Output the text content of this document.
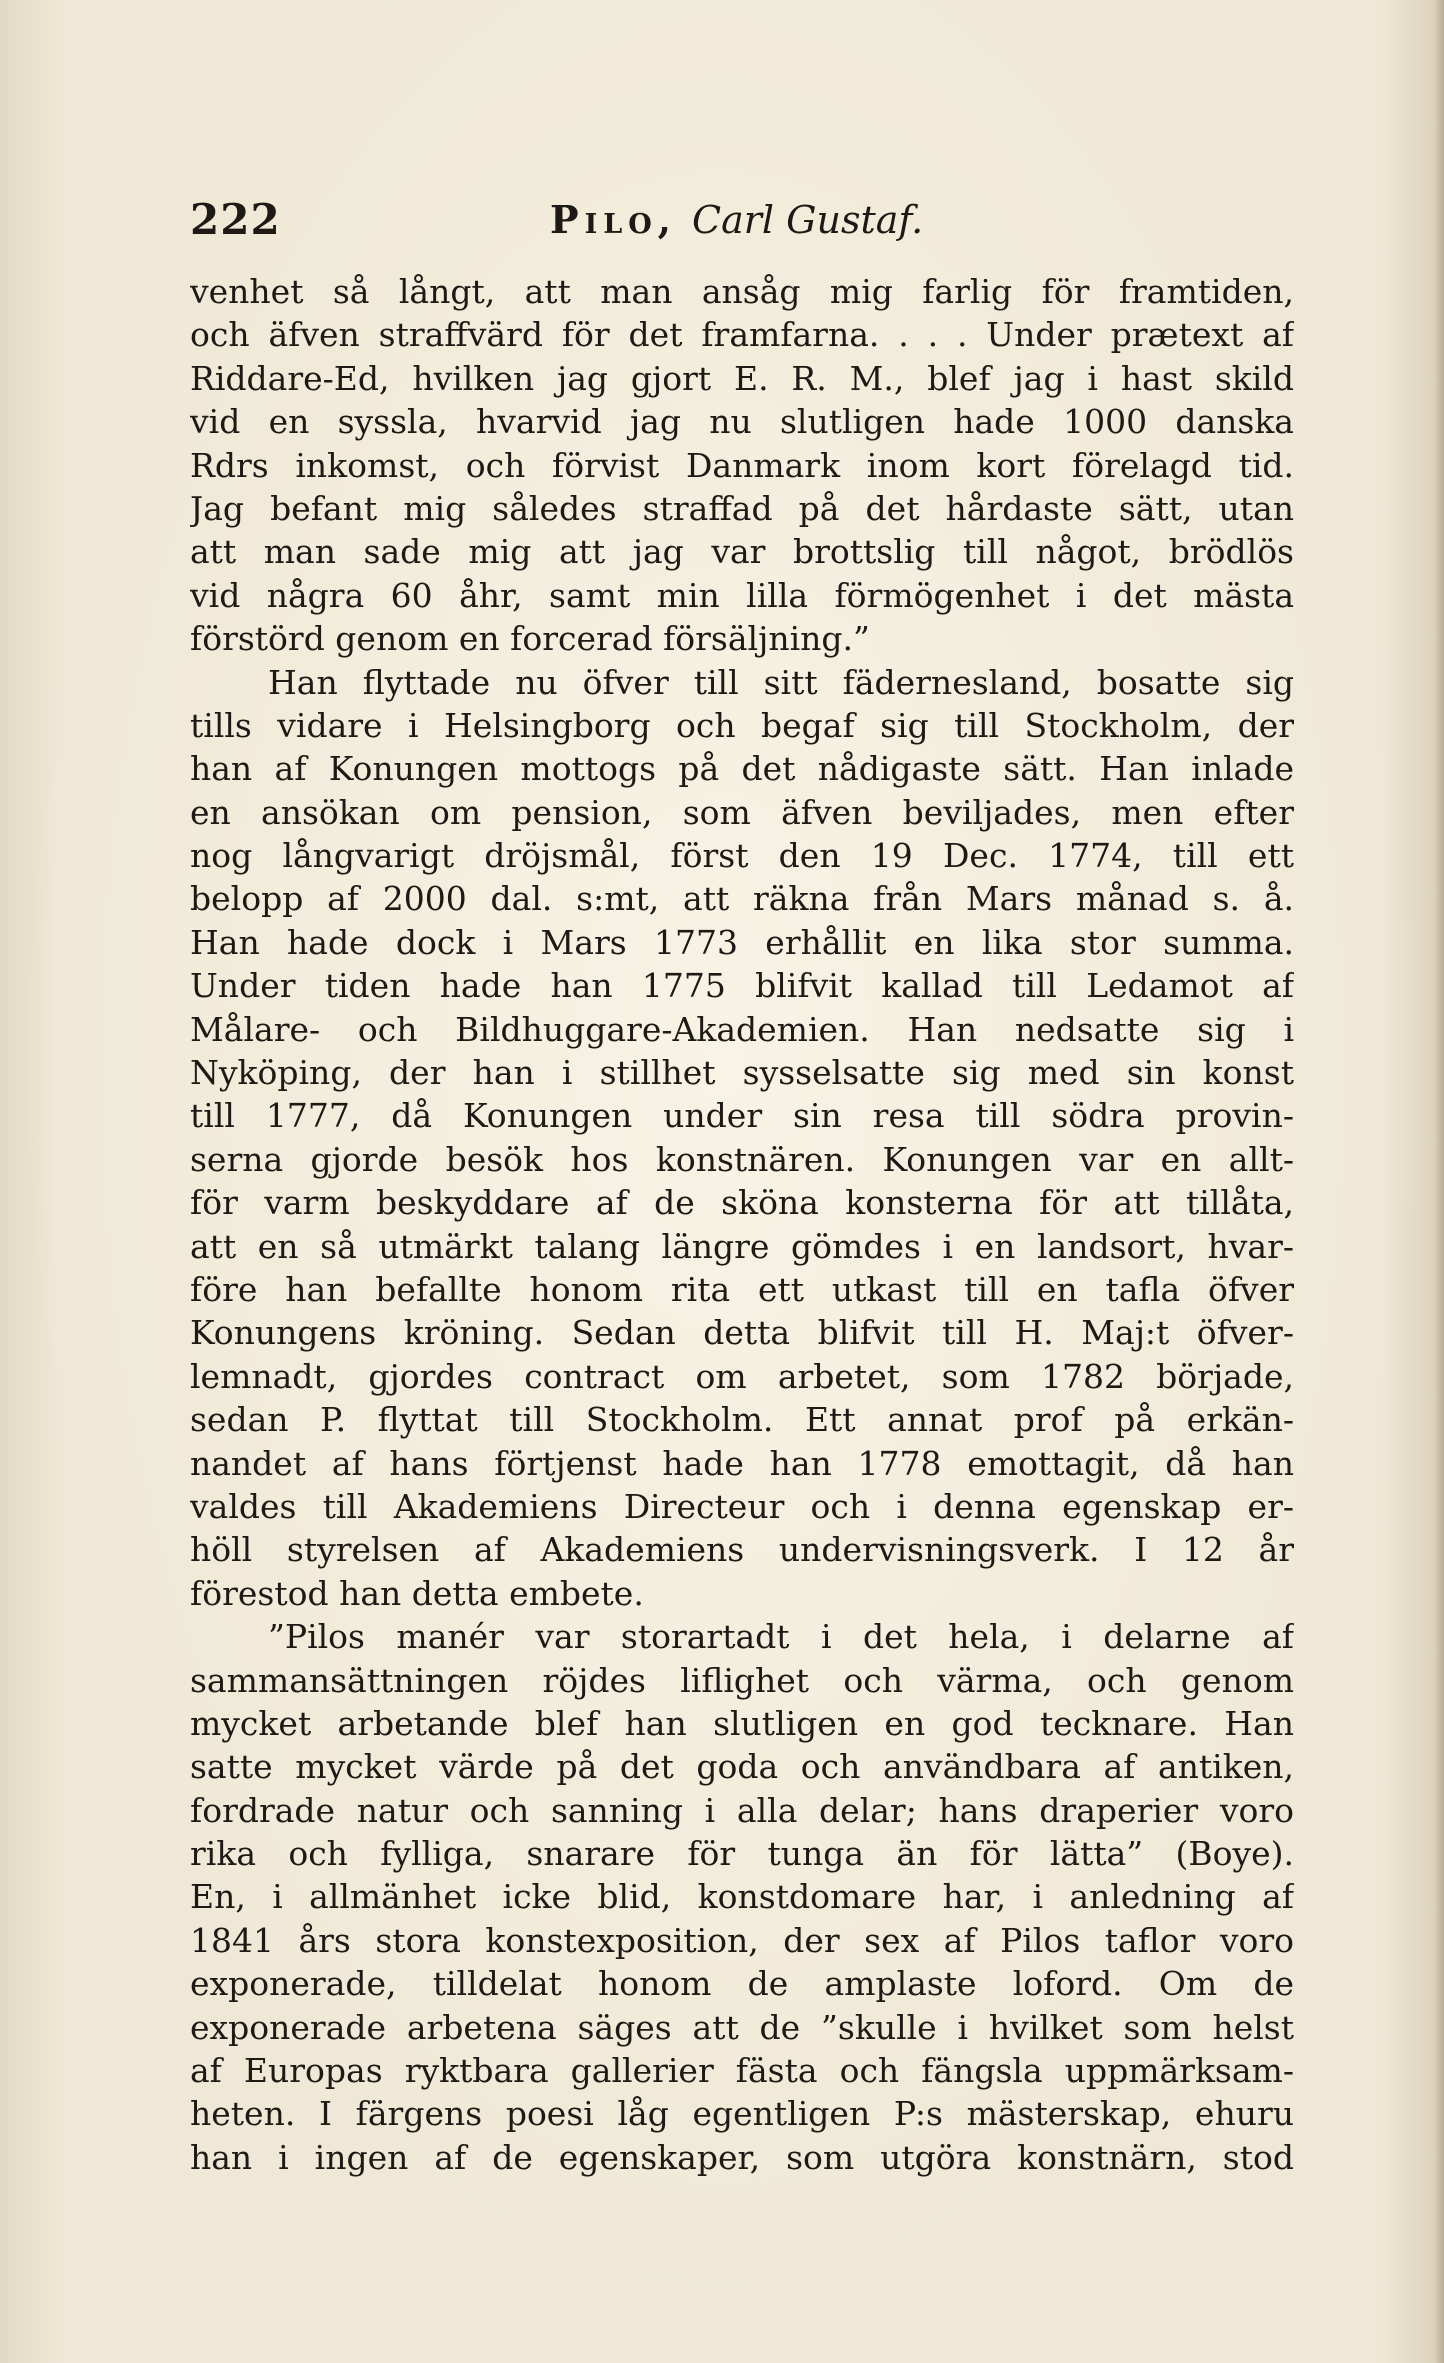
222	Pilo, Carl Gustaf.
venhet så långt, att man ansåg mig farlig för framtiden,
och äfven straffvärd för det framfarna. . . . Under prætext af
Riddare-Ed, hvilken jag gjort E. R. M., blef jag i hast skild
vid en syssla, hvarvid jag nu slutligen hade 1000 danska
Rdrs inkomst, och förvist Danmark inom kort förelagd tid.
Jag befant mig således straffad på det hårdaste sätt, utan
att man sade mig att jag var brottslig till något, brödlös
vid några 60 åhr, samt min lilla förmögenhet i det mästa
förstörd genom en forcerad försäljning.”
Han flyttade nu öfver till sitt fädernesland, bosatte sig
tills vidare i Helsingborg och begaf sig till Stockholm, der
han af Konungen mottogs på det nådigaste sätt. Han inlade
en ansökan om pension, som äfven beviljades, men efter
nog långvarigt dröjsmål, först den 19 Dec. 1774, till ett
belopp af 2000 dal. s:mt, att räkna från Mars månad s. å.
Han hade dock i Mars 1773 erhållit en lika stor summa.
Under tiden hade han 1775 blifvit kallad till Ledamot af
Målare- och Bildhuggare-Akademien. Han nedsatte sig i
Nyköping, der han i stillhet sysselsatte sig med sin konst
till 1777, då Konungen under sin resa till södra provin-
serna gjorde besök hos konstnären. Konungen var en allt-
för varm beskyddare af de sköna konsterna för att tillåta,
att en så utmärkt talang längre gömdes i en landsort, hvar-
före han befallte honom rita ett utkast till en tafla öfver
Konungens kröning. Sedan detta blifvit till H. Maj:t öfver-
lemnadt, gjordes contract om arbetet, som 1782 började,
sedan P. flyttat till Stockholm. Ett annat prof på erkän-
nandet af hans förtjenst hade han 1778 emottagit, då han
valdes till Akademiens Directeur och i denna egenskap er-
höll styrelsen af Akademiens undervisningsverk. I 12 år
förestod han detta embete.
”Pilos manér var storartadt i det hela, i delarne af
sammansättningen röjdes liflighet och värma, och genom
mycket arbetande blef han slutligen en god tecknare. Han
satte mycket värde på det goda och användbara af antiken,
fordrade natur och sanning i alla delar; hans draperier voro
rika och fylliga, snarare för tunga än för lätta” (Boye).
En, i allmänhet icke blid, konstdomare har, i anledning af
1841 års stora konstexposition, der sex af Pilos taflor voro
exponerade, tilldelat honom de amplaste loford. Om de
exponerade arbetena säges att de ”skulle i hvilket som helst
af Europas ryktbara gallerier fästa och fängsla uppmärksam-
heten. I färgens poesi låg egentligen P:s mästerskap, ehuru
han i ingen af de egenskaper, som utgöra konstnärn, stod
